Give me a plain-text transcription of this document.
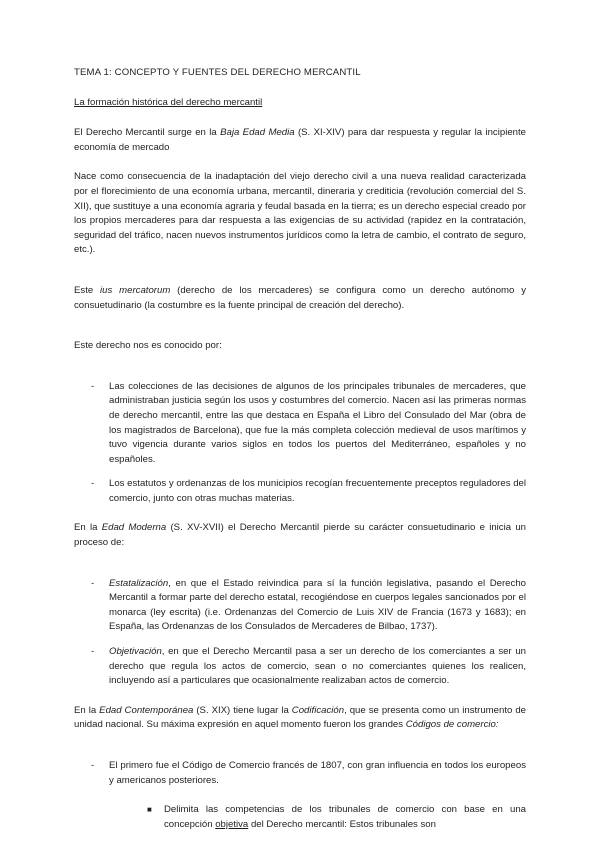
TEMA 1: CONCEPTO Y FUENTES DEL DERECHO MERCANTIL
La formación histórica del derecho mercantil

El Derecho Mercantil surge en la Baja Edad Media (S. XI-XIV) para dar respuesta y regular la incipiente economía de mercado

Nace como consecuencia de la inadaptación del viejo derecho civil a una nueva realidad caracterizada por el florecimiento de una economía urbana, mercantil, dineraria y crediticia (revolución comercial del S. XII), que sustituye a una economía agraria y feudal basada en la tierra; es un derecho especial creado por los propios mercaderes para dar respuesta a las exigencias de su actividad (rapidez en la contratación, seguridad del tráfico, nacen nuevos instrumentos jurídicos como la letra de cambio, el contrato de seguro, etc.).

Este ius mercatorum (derecho de los mercaderes) se configura como un derecho autónomo y consuetudinario (la costumbre es la fuente principal de creación del derecho).

Este derecho nos es conocido por:

- Las colecciones de las decisiones de algunos de los principales tribunales de mercaderes, que administraban justicia según los usos y costumbres del comercio. Nacen así las primeras normas de derecho mercantil, entre las que destaca en España el Libro del Consulado del Mar (obra de los magistrados de Barcelona), que fue la más completa colección medieval de usos marítimos y tuvo vigencia durante varios siglos en todos los puertos del Mediterráneo, españoles y no españoles.
- Los estatutos y ordenanzas de los municipios recogían frecuentemente preceptos reguladores del comercio, junto con otras muchas materias.

En la Edad Moderna (S. XV-XVII) el Derecho Mercantil pierde su carácter consuetudinario e inicia un proceso de:

- Estatalización, en que el Estado reivindica para sí la función legislativa, pasando el Derecho Mercantil a formar parte del derecho estatal, recogiéndose en cuerpos legales sancionados por el monarca (ley escrita) (i.e. Ordenanzas del Comercio de Luis XIV de Francia (1673 y 1683); en España, las Ordenanzas de los Consulados de Mercaderes de Bilbao, 1737).
- Objetivación, en que el Derecho Mercantil pasa a ser un derecho de los comerciantes a ser un derecho que regula los actos de comercio, sean o no comerciantes quienes los realicen, incluyendo así a particulares que ocasionalmente realizaban actos de comercio.

En la Edad Contemporánea (S. XIX) tiene lugar la Codificación, que se presenta como un instrumento de unidad nacional. Su máxima expresión en aquel momento fueron los grandes Códigos de comercio:

- El primero fue el Código de Comercio francés de 1807, con gran influencia en todos los europeos y americanos posteriores.
■ Delimita las competencias de los tribunales de comercio con base en una concepción objetiva del Derecho mercantil: Estos tribunales son
